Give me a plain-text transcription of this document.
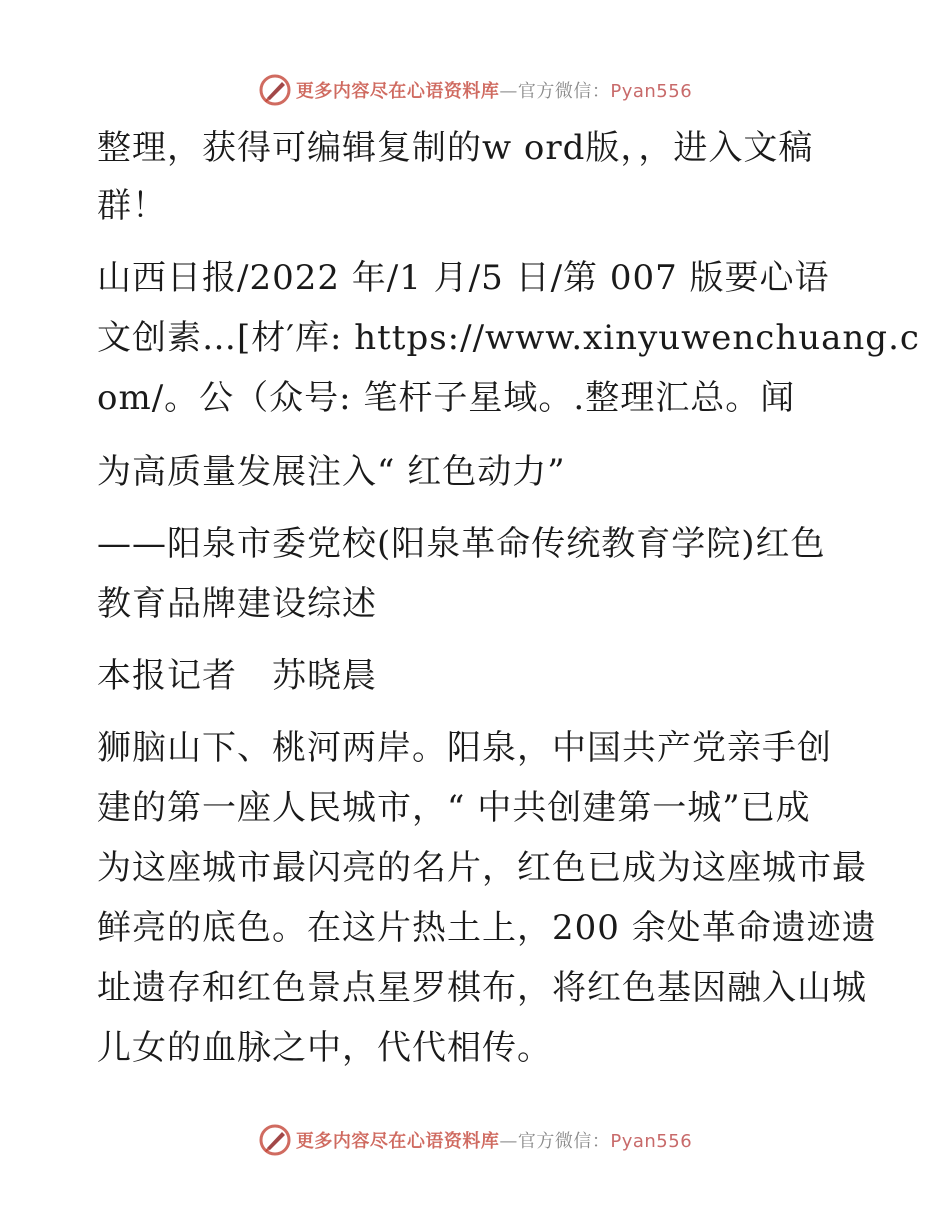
更多内容尽在心语资料库—官方微信：Pyan556
整理，获得可编辑复制的w ord版，，进入文稿
群！
山西日报/2022 年/1 月/5 日/第 007 版要心语
文创素…[材′库: https://www.xinyuwenchuang.c
om/。公（众号: 笔杆子星域。.整理汇总。闻
为高质量发展注入“ 红色动力”
——阳泉市委党校(阳泉革命传统教育学院)红色
教育品牌建设综述
本报记者　苏晓晨
狮脑山下、桃河两岸。阳泉，中国共产党亲手创
建的第一座人民城市，“ 中共创建第一城”已成
为这座城市最闪亮的名片，红色已成为这座城市最
鲜亮的底色。在这片热土上，200 余处革命遗迹遗
址遗存和红色景点星罗棋布，将红色基因融入山城
儿女的血脉之中，代代相传。
更多内容尽在心语资料库—官方微信：Pyan556
